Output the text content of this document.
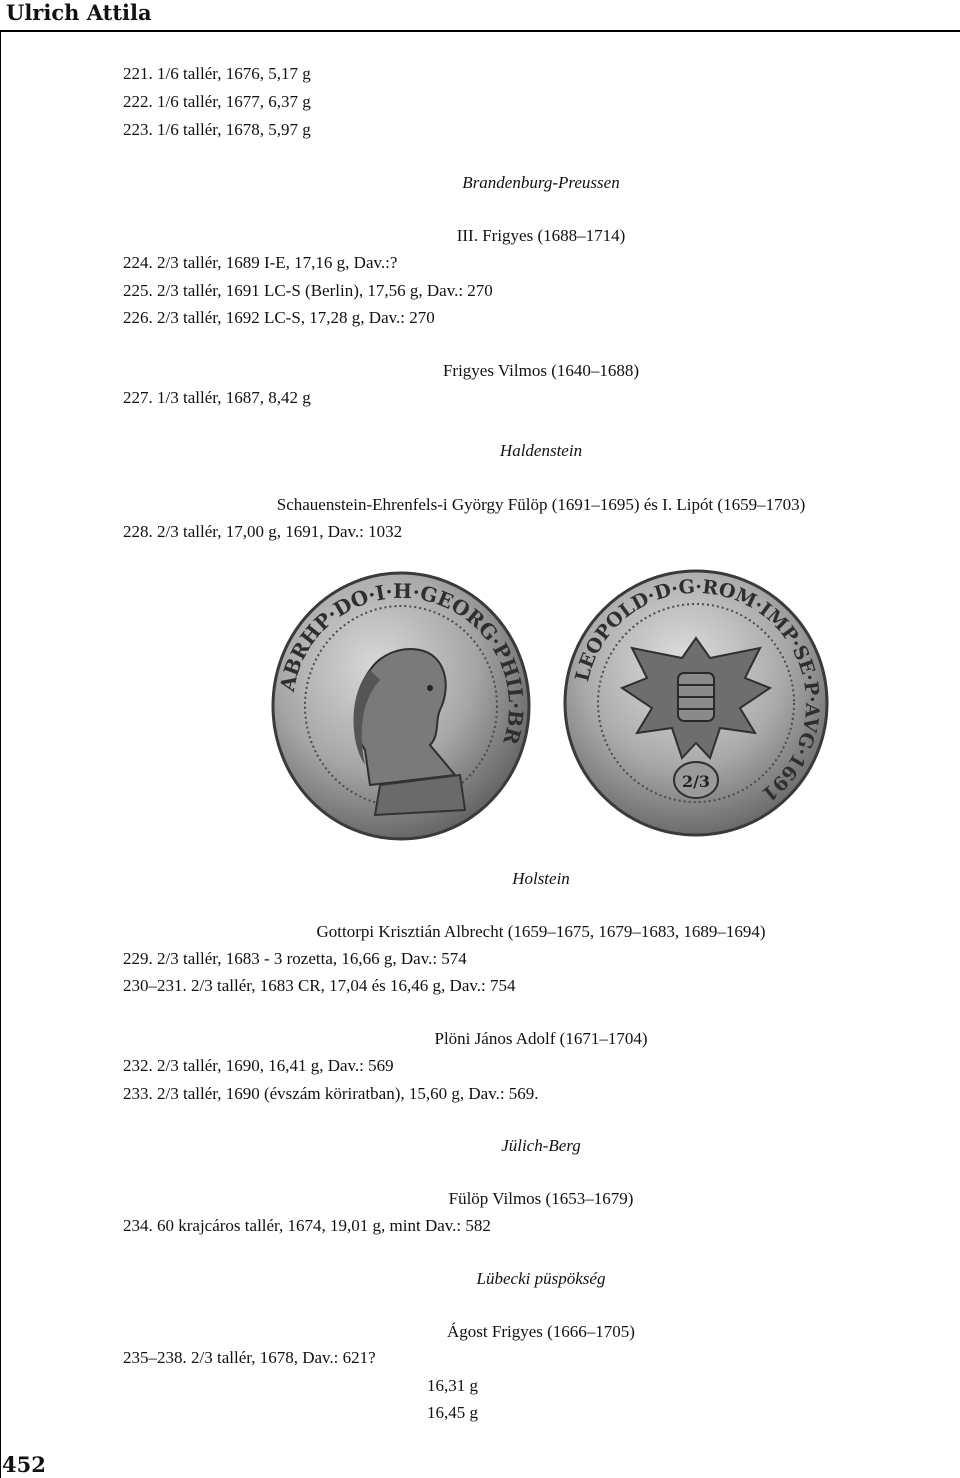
Ulrich Attila
221. 1/6 tallér, 1676, 5,17 g
222. 1/6 tallér, 1677, 6,37 g
223. 1/6 tallér, 1678, 5,97 g
Brandenburg-Preussen
III. Frigyes (1688–1714)
224. 2/3 tallér, 1689 I-E, 17,16 g, Dav.:?
225. 2/3 tallér, 1691 LC-S (Berlin), 17,56 g, Dav.: 270
226. 2/3 tallér, 1692 LC-S, 17,28 g, Dav.: 270
Frigyes Vilmos (1640–1688)
227. 1/3 tallér, 1687, 8,42 g
Haldenstein
Schauenstein-Ehrenfels-i György Fülöp (1691–1695) és I. Lipót (1659–1703)
228. 2/3 tallér, 17,00 g, 1691, Dav.: 1032
ABRHP·DO·I·H·GEORG·PHIL·BR
LEOPOLD·D·G·ROM·IMP·SE·P·AVG·1691
2/3
Holstein
Gottorpi Krisztián Albrecht (1659–1675, 1679–1683, 1689–1694)
229. 2/3 tallér, 1683 - 3 rozetta, 16,66 g, Dav.: 574
230–231. 2/3 tallér, 1683 CR, 17,04 és 16,46 g, Dav.: 754
Plöni János Adolf (1671–1704)
232. 2/3 tallér, 1690, 16,41 g, Dav.: 569
233. 2/3 tallér, 1690 (évszám köriratban), 15,60 g, Dav.: 569.
Jülich-Berg
Fülöp Vilmos (1653–1679)
234. 60 krajcáros tallér, 1674, 19,01 g, mint Dav.: 582
Lübecki püspökség
Ágost Frigyes (1666–1705)
235–238. 2/3 tallér, 1678, Dav.: 621?
16,31 g
16,45 g
452
